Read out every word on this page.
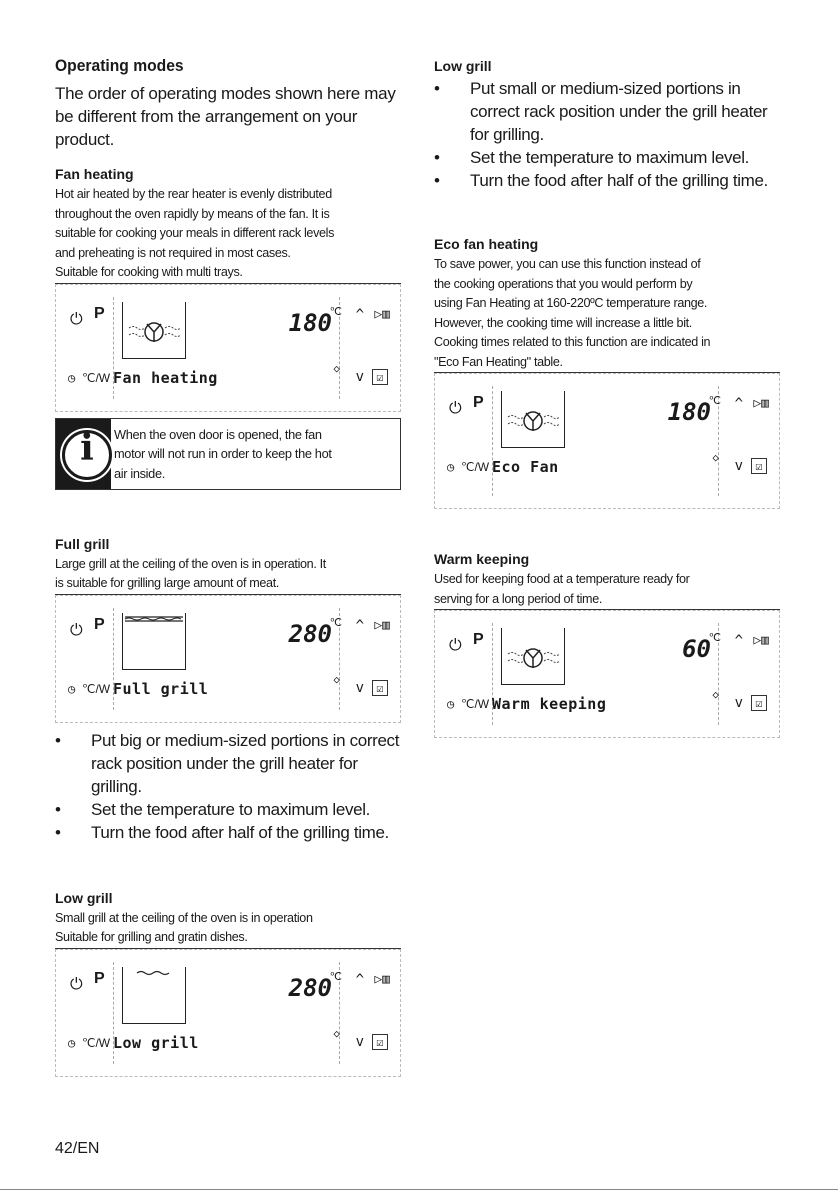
Operating modes
The order of operating modes shown here may
be different from the arrangement on your
product.
Fan heating
Hot air heated by the rear heater is evenly distributed
throughout the oven rapidly by means of the fan. It is
suitable for cooking your meals in different rack levels
and preheating is not required in most cases.
Suitable for cooking with multi trays.
⏻ P	180
℃ ^ ▷▥
◷ ℃/W Fan heating
◇
v	☑
i	When the oven door is opened, the fan
motor will not run in order to keep the hot
air inside.
Full grill
Large grill at the ceiling of the oven is in operation. It
is suitable for grilling large amount of meat.
⏻ P	280
℃ ^ ▷▥
◷ ℃/W Full grill
◇
v	☑
• Put big or medium-sized portions in correct
rack position under the grill heater for
grilling.
• Set the temperature to maximum level.
• Turn the food after half of the grilling time.
Low grill
Small grill at the ceiling of the oven is in operation
Suitable for grilling and gratin dishes.
⏻ P	280
℃ ^ ▷▥
◷ ℃/W Low grill
◇
v	☑
Low grill
• Put small or medium-sized portions in
correct rack position under the grill heater
for grilling.
• Set the temperature to maximum level.
• Turn the food after half of the grilling time.
Eco fan heating
To save power, you can use this function instead of
the cooking operations that you would perform by
using Fan Heating at 160-220ºC temperature range.
However, the cooking time will increase a little bit.
Cooking times related to this function are indicated in
"Eco Fan Heating" table.
⏻ P	180
℃ ^ ▷▥
◷ ℃/W Eco Fan
◇
v	☑
Warm keeping
Used for keeping food at a temperature ready for
serving for a long period of time.
⏻ P	60
℃ ^ ▷▥
◷ ℃/W Warm keeping
◇
v	☑
42/EN
